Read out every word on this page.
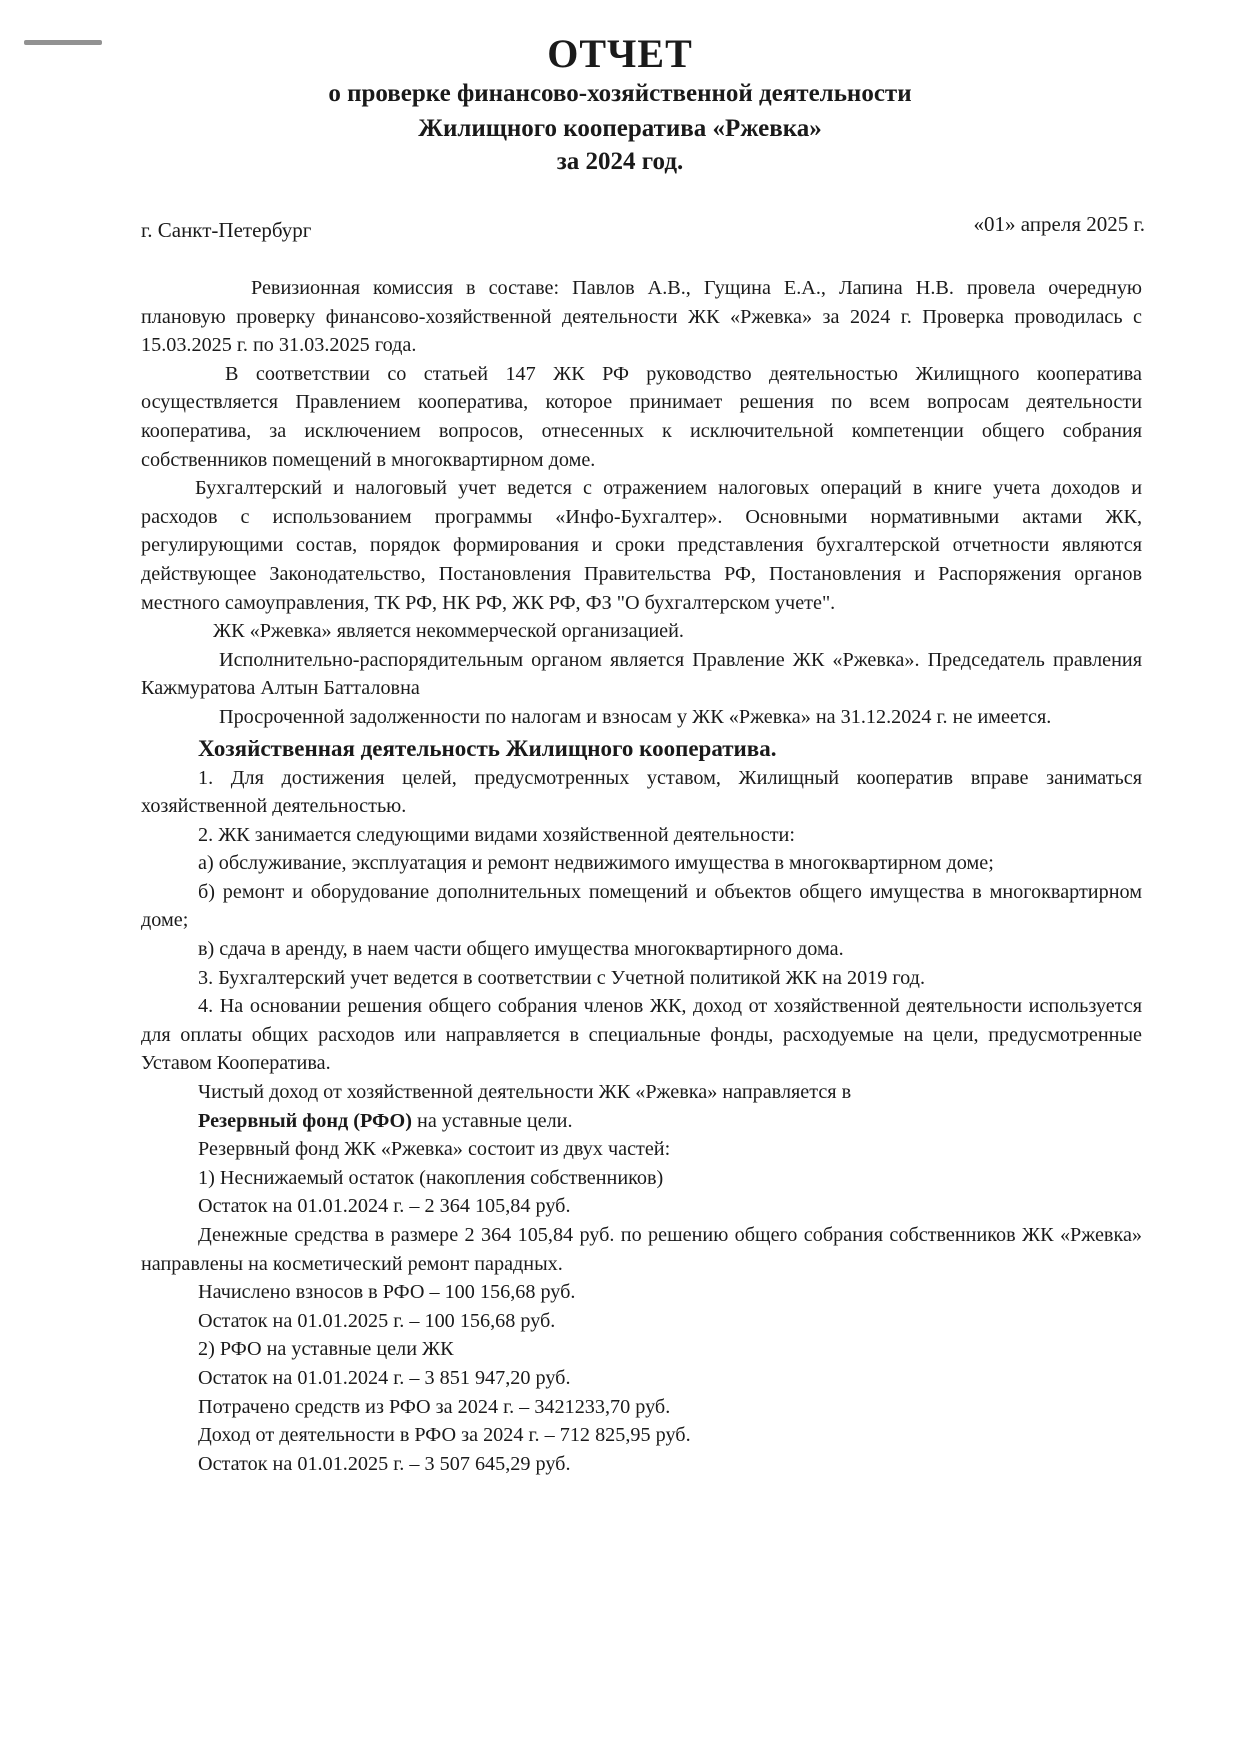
ОТЧЕТ
о проверке финансово-хозяйственной деятельности
Жилищного кооператива «Ржевка»
за 2024 год.
г. Санкт-Петербург	«01» апреля 2025 г.

Ревизионная комиссия в составе: Павлов А.В., Гущина Е.А., Лапина Н.В. провела очередную плановую проверку финансово-хозяйственной деятельности ЖК «Ржевка» за 2024 г. Проверка проводилась с 15.03.2025 г. по 31.03.2025 года.

В соответствии со статьей 147 ЖК РФ руководство деятельностью Жилищного кооператива осуществляется Правлением кооператива, которое принимает решения по всем вопросам деятельности кооператива, за исключением вопросов, отнесенных к исключительной компетенции общего собрания собственников помещений в многоквартирном доме.

Бухгалтерский и налоговый учет ведется с отражением налоговых операций в книге учета доходов и расходов с использованием программы «Инфо-Бухгалтер». Основными нормативными актами ЖК, регулирующими состав, порядок формирования и сроки представления бухгалтерской отчетности являются действующее Законодательство, Постановления Правительства РФ, Постановления и Распоряжения органов местного самоуправления, ТК РФ, НК РФ, ЖК РФ, ФЗ "О бухгалтерском учете".

ЖК «Ржевка» является некоммерческой организацией.

Исполнительно-распорядительным органом является Правление ЖК «Ржевка». Председатель правления Кажмуратова Алтын Батталовна

Просроченной задолженности по налогам и взносам у ЖК «Ржевка» на 31.12.2024 г. не имеется.

Хозяйственная деятельность Жилищного кооператива.

1. Для достижения целей, предусмотренных уставом, Жилищный кооператив вправе заниматься хозяйственной деятельностью.

2. ЖК занимается следующими видами хозяйственной деятельности:

а) обслуживание, эксплуатация и ремонт недвижимого имущества в многоквартирном доме;

б) ремонт и оборудование дополнительных помещений и объектов общего имущества в многоквартирном доме;

в) сдача в аренду, в наем части общего имущества многоквартирного дома.

3. Бухгалтерский учет ведется в соответствии с Учетной политикой ЖК на 2019 год.

4. На основании решения общего собрания членов ЖК, доход от хозяйственной деятельности используется для оплаты общих расходов или направляется в специальные фонды, расходуемые на цели, предусмотренные Уставом Кооператива.

Чистый доход от хозяйственной деятельности ЖК «Ржевка» направляется в

Резервный фонд (РФО) на уставные цели.

Резервный фонд ЖК «Ржевка» состоит из двух частей:

1) Неснижаемый остаток (накопления собственников)

Остаток на 01.01.2024 г. – 2 364 105,84 руб.

Денежные средства в размере 2 364 105,84 руб. по решению общего собрания собственников ЖК «Ржевка» направлены на косметический ремонт парадных.

Начислено взносов в РФО – 100 156,68 руб.

Остаток на 01.01.2025 г. – 100 156,68 руб.

2) РФО на уставные цели ЖК

Остаток на 01.01.2024 г. – 3 851 947,20 руб.

Потрачено средств из РФО за 2024 г. – 3421233,70 руб.

Доход от деятельности в РФО за 2024 г. – 712 825,95 руб.

Остаток на 01.01.2025 г. – 3 507 645,29 руб.
